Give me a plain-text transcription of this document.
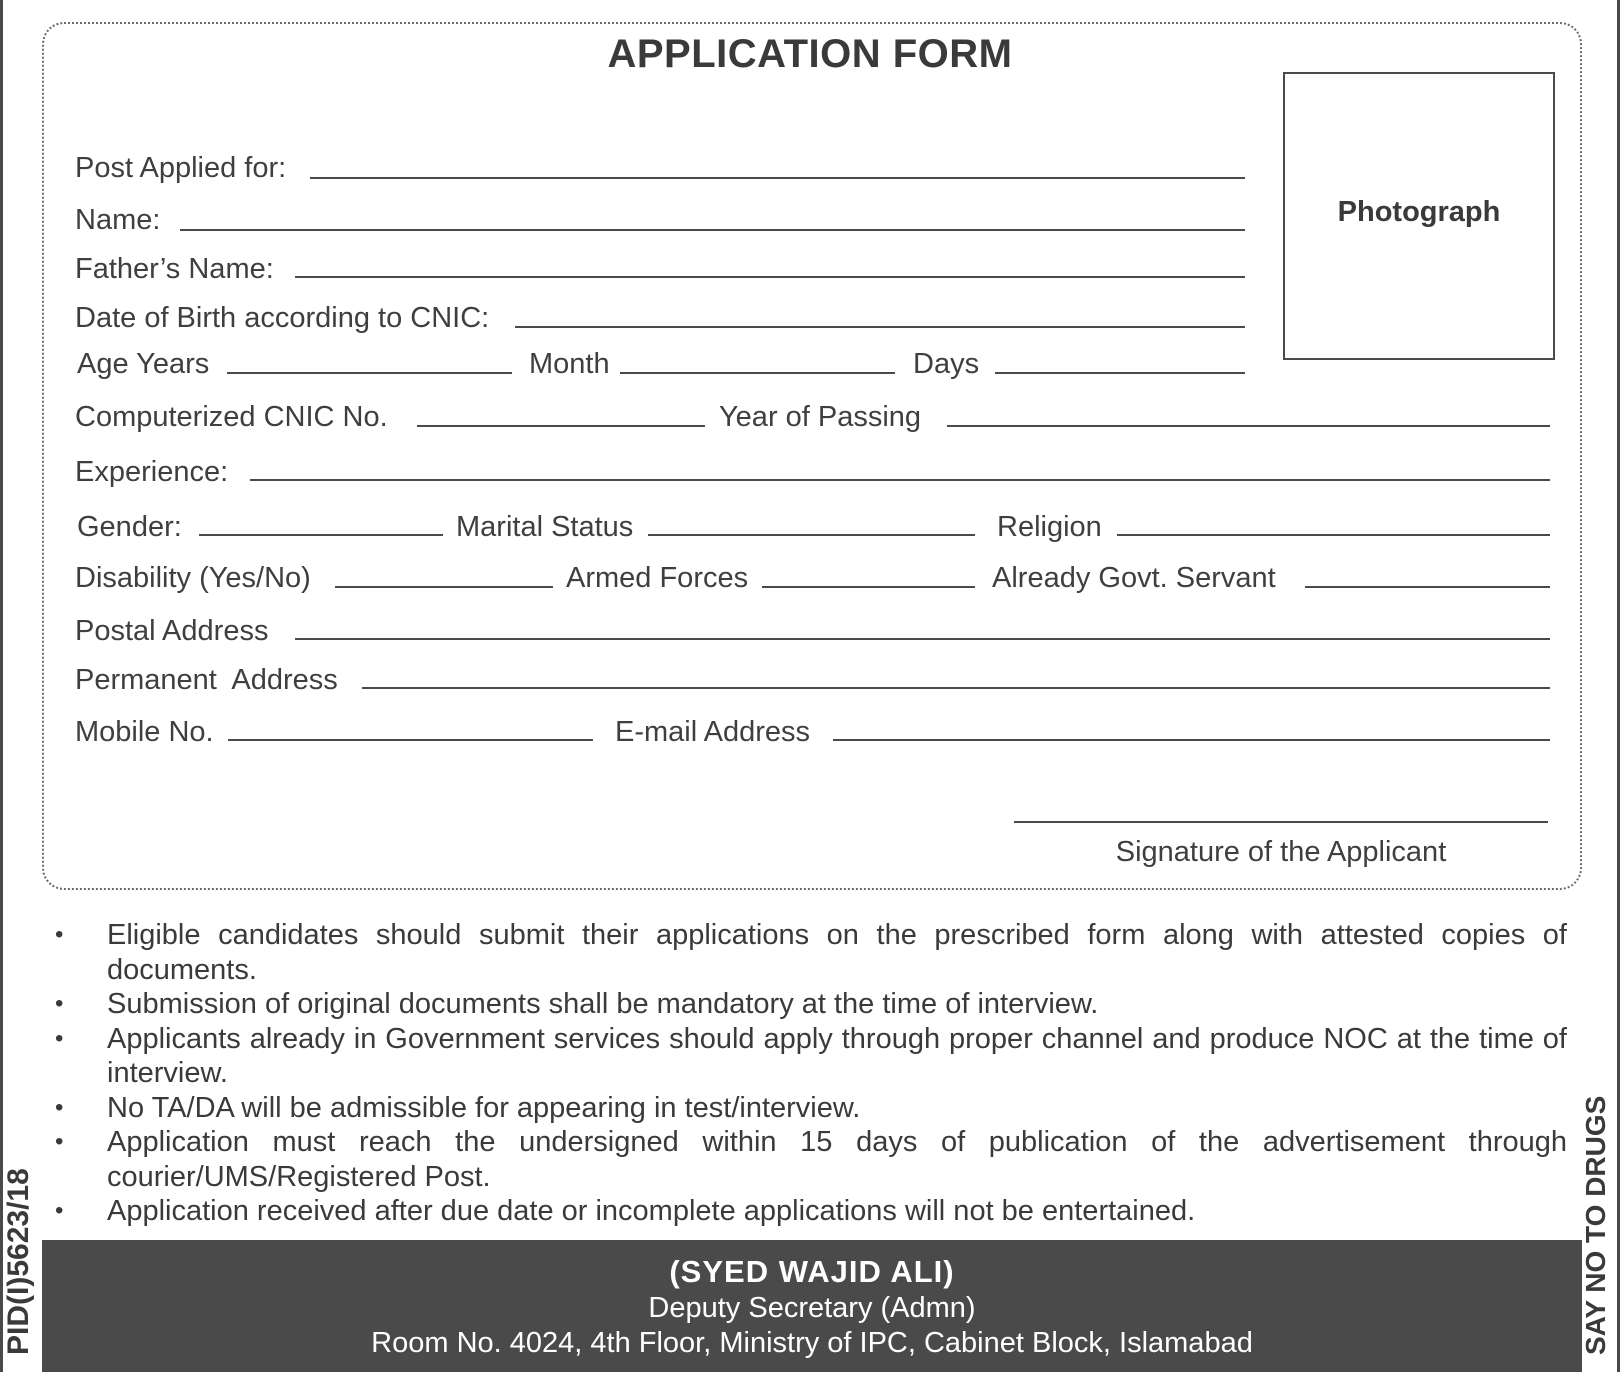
APPLICATION FORM
Photograph
Post Applied for:
Name:
Father’s Name:
Date of Birth according to CNIC:
Age Years	Month	Days
Computerized CNIC No.	Year of Passing
Experience:
Gender:	Marital Status	Religion
Disability (Yes/No)	Armed Forces	Already Govt. Servant
Postal Address
Permanent  Address
Mobile No.	E-mail Address
Signature of the Applicant
•	Eligible candidates should submit their applications on the prescribed form along with attested copies of documents.
•	Submission of original documents shall be mandatory at the time of interview.
•	Applicants already in Government services should apply through proper channel and produce NOC at the time of interview.
•	No TA/DA will be admissible for appearing in test/interview.
•	Application must reach the undersigned within 15 days of publication of the advertisement through courier/UMS/Registered Post.
•	Application received after due date or incomplete applications will not be entertained.
(SYED WAJID ALI)
Deputy Secretary (Admn)
Room No. 4024, 4th Floor, Ministry of IPC, Cabinet Block, Islamabad
PID(I)5623/18	SAY NO TO DRUGS
